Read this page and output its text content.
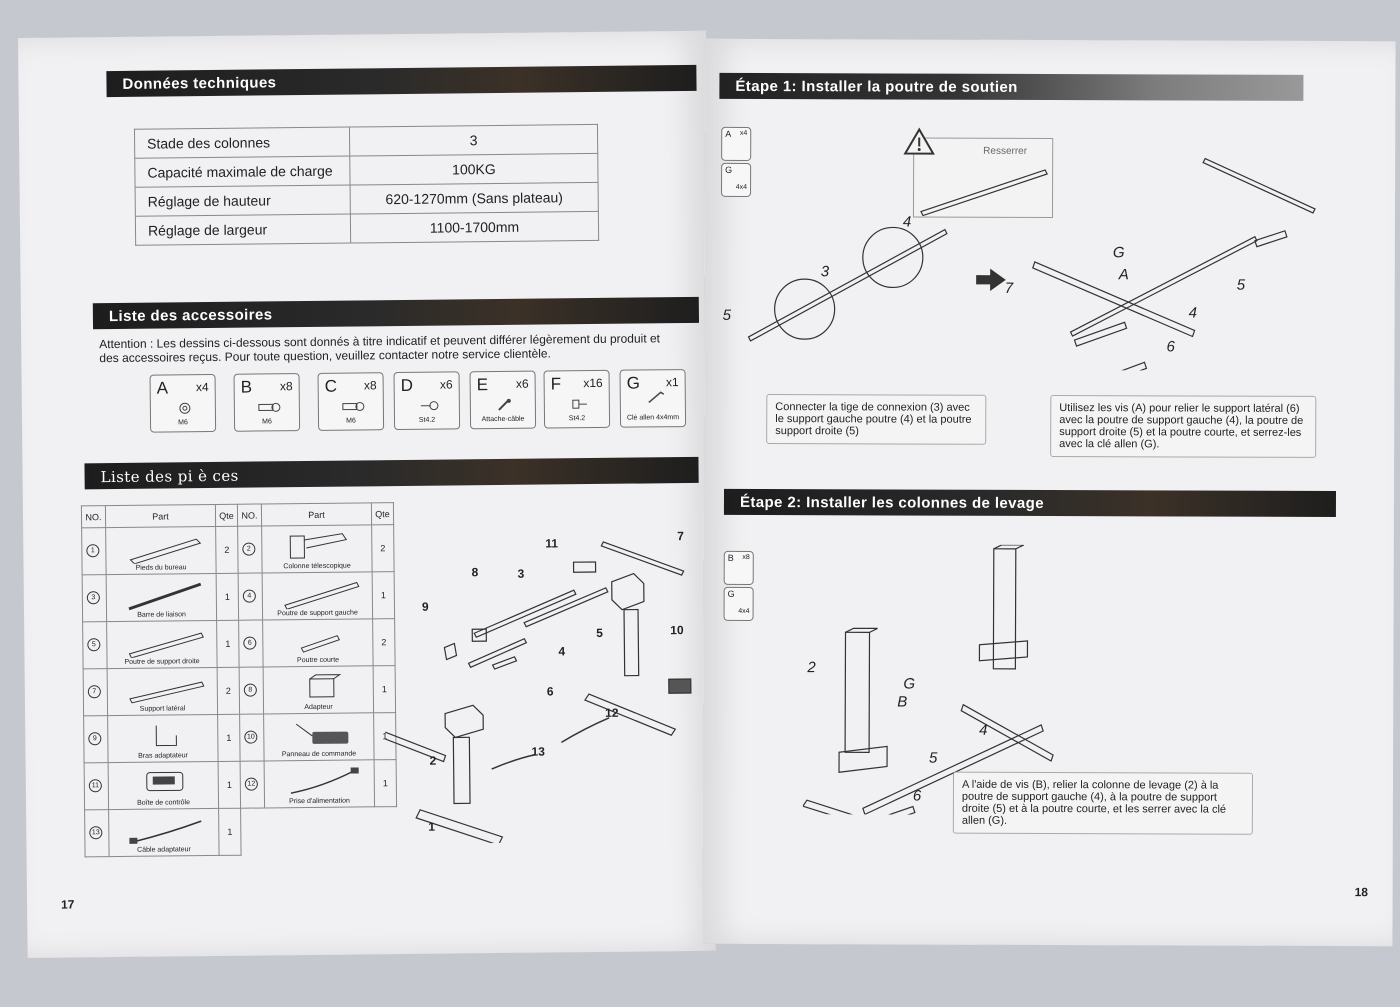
Données techniques
Stade des colonnes	3
Capacité maximale de charge	100KG
Réglage de hauteur	620-1270mm (Sans plateau)
Réglage de largeur	1100-1700mm
Liste des accessoires
Attention : Les dessins ci-dessous sont donnés à titre indicatif et peuvent différer légèrement du produit et des accessoires reçus. Pour toute question, veuillez contacter notre service clientèle.
A x4
M6
B x8
M6
C x8
M6
D x6
St4.2
E x6
Attache-câble
F x16
St4.2
G x1
Clé allen 4x4mm
Liste des pi è ces
NO.	Part	Qte	NO.	Part	Qte

1	Pieds du bureau	2	2	Colonne télescopique	2

3	Barre de liaison	1	4	Poutre de support gauche	1

5	Poutre de support droite	1	6	Poutre courte	2

7	Support latéral	2	8	Adapteur	1

9	Bras adaptateur	1	10	Panneau de commande	1

11	Boîte de contrôle	1	12	Prise d'alimentation	1

13	Câble adaptateur	1			
11
7
8	3
9
5
4
10
6
12
2
13
1
17
Étape 1: Installer la poutre de soutien
A x4
G
4x4
Resserrer
4
3
5
G
A
7	5
4
6
Connecter la tige de connexion (3) avec le support gauche poutre (4) et la poutre support droite (5)
Utilisez les vis (A) pour relier le support latéral (6) avec la poutre de support gauche (4), la poutre de support droite (5) et la poutre courte, et serrez-les avec la clé allen (G).
Étape 2: Installer les colonnes de levage
B x8
G
4x4
2
G
B
4
5
6
A l'aide de vis (B), relier la colonne de levage (2) à la poutre de support gauche (4), à la poutre de support droite (5) et à la poutre courte, et les serrer avec la clé allen (G).
18
